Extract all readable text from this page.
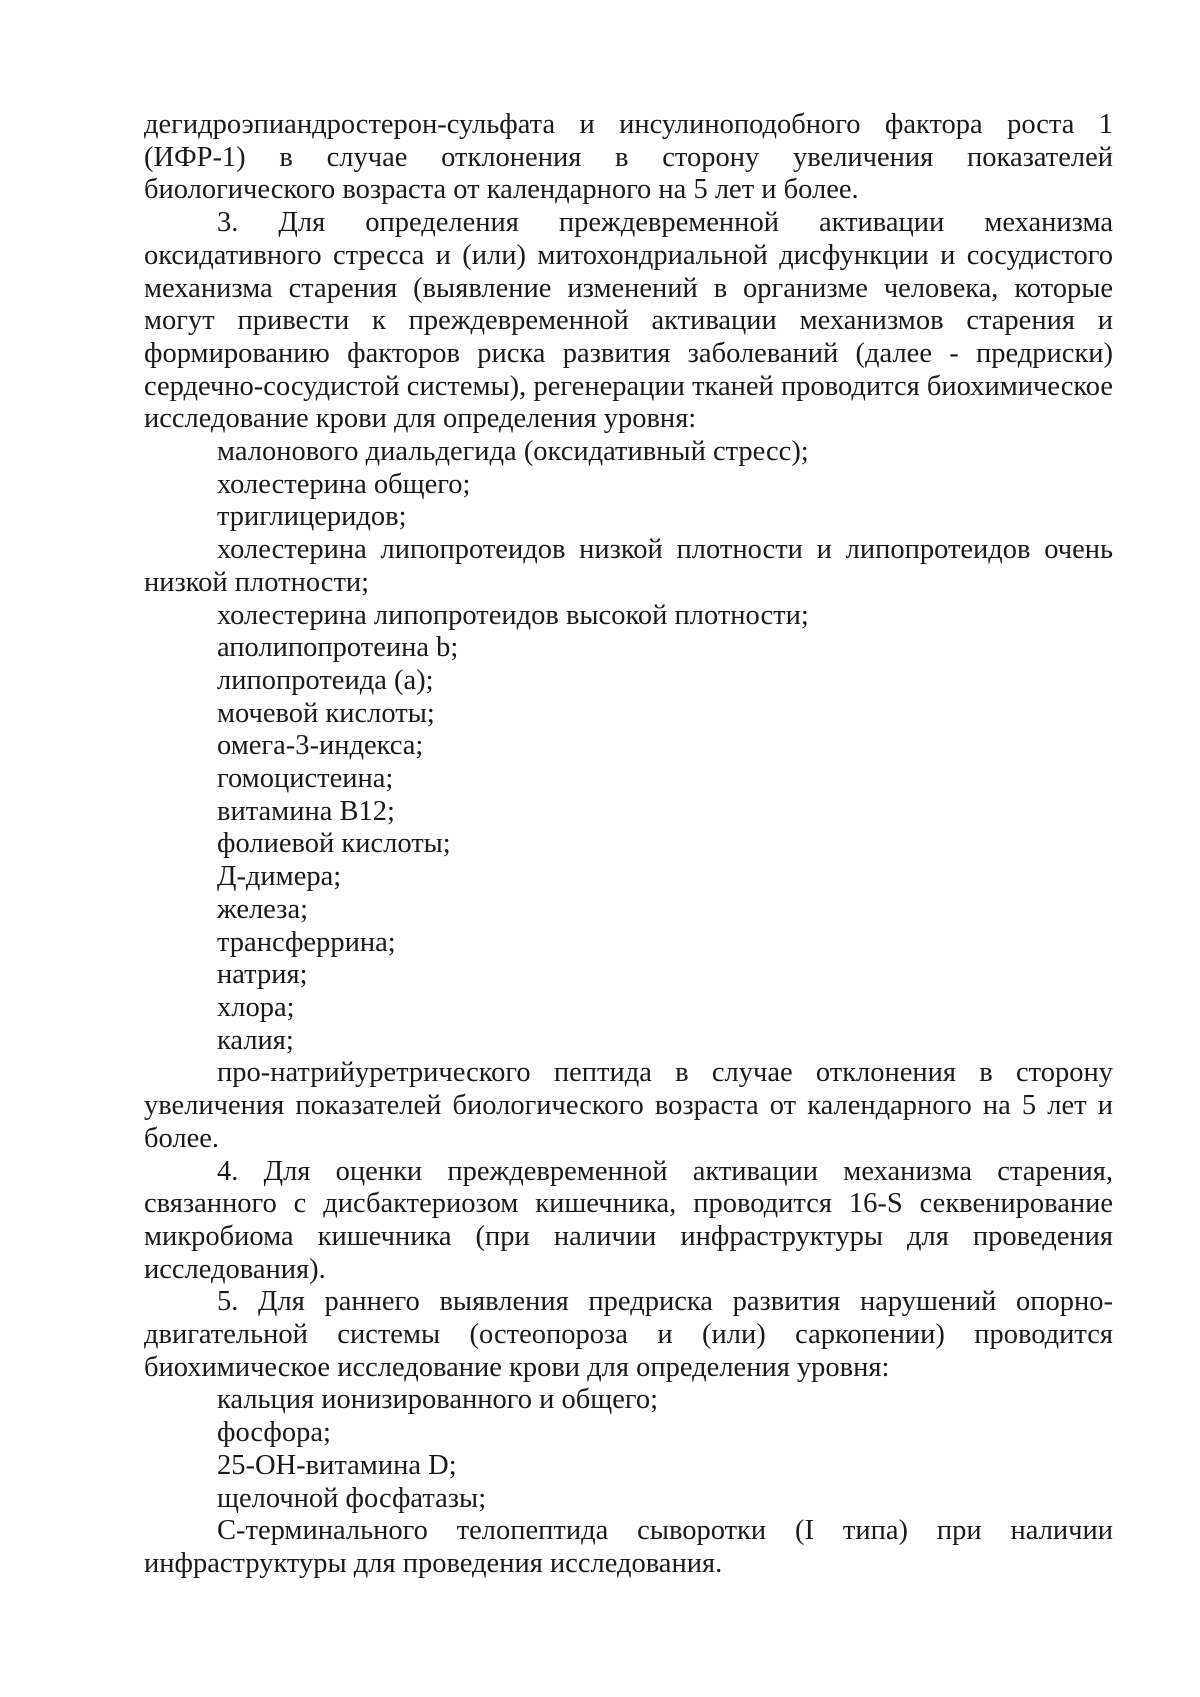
дегидроэпиандростерон-сульфата и инсулиноподобного фактора роста 1 (ИФР-1) в случае отклонения в сторону увеличения показателей биологического возраста от календарного на 5 лет и более.

3. Для определения преждевременной активации механизма оксидативного стресса и (или) митохондриальной дисфункции и сосудистого механизма старения (выявление изменений в организме человека, которые могут привести к преждевременной активации механизмов старения и формированию факторов риска развития заболеваний (далее - предриски) сердечно-сосудистой системы), регенерации тканей проводится биохимическое исследование крови для определения уровня:

малонового диальдегида (оксидативный стресс);

холестерина общего;

триглицеридов;

холестерина липопротеидов низкой плотности и липопротеидов очень низкой плотности;

холестерина липопротеидов высокой плотности;

аполипопротеина b;

липопротеида (а);

мочевой кислоты;

омега-3-индекса;

гомоцистеина;

витамина B12;

фолиевой кислоты;

Д-димера;

железа;

трансферрина;

натрия;

хлора;

калия;

про-натрийуретрического пептида в случае отклонения в сторону увеличения показателей биологического возраста от календарного на 5 лет и более.

4. Для оценки преждевременной активации механизма старения, связанного с дисбактериозом кишечника, проводится 16-S секвенирование микробиома кишечника (при наличии инфраструктуры для проведения исследования).

5. Для раннего выявления предриска развития нарушений опорно-двигательной системы (остеопороза и (или) саркопении) проводится биохимическое исследование крови для определения уровня:

кальция ионизированного и общего;

фосфора;

25-OH-витамина D;

щелочной фосфатазы;

C-терминального телопептида сыворотки (I типа) при наличии инфраструктуры для проведения исследования.
